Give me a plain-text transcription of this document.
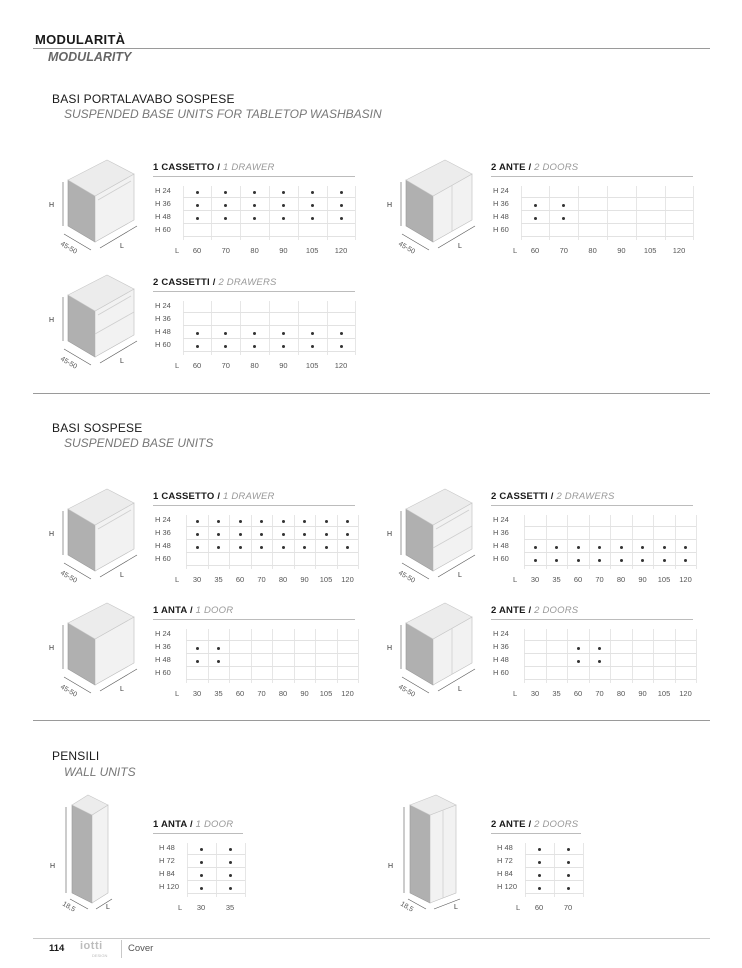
MODULARITÀ
MODULARITY
BASI PORTALAVABO SOSPESE
SUSPENDED BASE UNITS FOR TABLETOP WASHBASIN
H
45-50	L
1 CASSETTO / 1 DRAWER
H 24
H 36
H 48
H 60
L 60	70	80	90 105 120
H
45-50	L
2 ANTE / 2 DOORS
H 24
H 36
H 48
H 60
L 60	70	80	90 105 120
H
45-50	L
2 CASSETTI / 2 DRAWERS
H 24
H 36
H 48
H 60
L 60	70	80	90 105 120
BASI SOSPESE
SUSPENDED BASE UNITS
H
45-50	L
1 CASSETTO / 1 DRAWER
H 24
H 36
H 48
H 60
L 30 35 60 70 80 90 105 120
H
45-50	L
2 CASSETTI / 2 DRAWERS
H 24
H 36
H 48
H 60
L 30 35 60 70 80 90 105 120
H
45-50	L
1 ANTA / 1 DOOR
H 24
H 36
H 48
H 60
L 30 35 60 70 80 90 105 120
H
45-50	L
2 ANTE / 2 DOORS
H 24
H 36
H 48
H 60
L 30 35 60 70 80 90 105 120
PENSILI
WALL UNITS
H
18,5	L
1 ANTA / 1 DOOR
H 48
H 72
H 84
H 120
L 30	35
H
18,5	L
2 ANTE / 2 DOORS
H 48
H 72
H 84
H 120
L 60	70
114 iotti
DESIGN
Cover
